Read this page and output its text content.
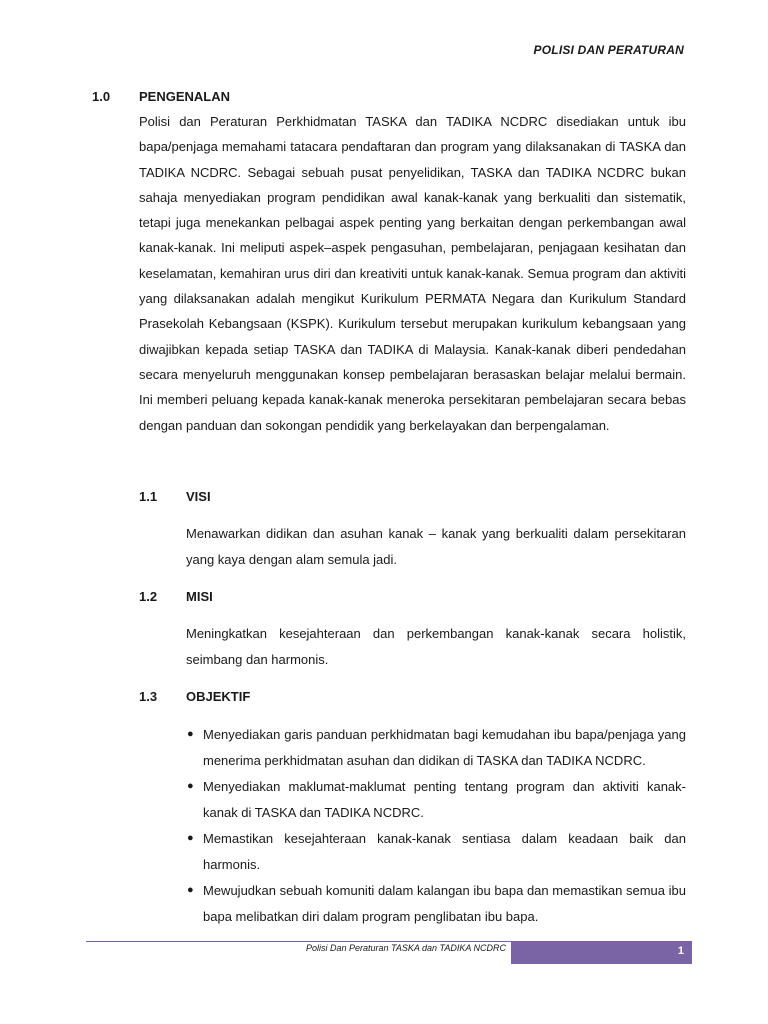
POLISI DAN PERATURAN
1.0 PENGENALAN

Polisi dan Peraturan Perkhidmatan TASKA dan TADIKA NCDRC disediakan untuk ibu bapa/penjaga memahami tatacara pendaftaran dan program yang dilaksanakan di TASKA dan TADIKA NCDRC. Sebagai sebuah pusat penyelidikan, TASKA dan TADIKA NCDRC bukan sahaja menyediakan program pendidikan awal kanak-kanak yang berkualiti dan sistematik, tetapi juga menekankan pelbagai aspek penting yang berkaitan dengan perkembangan awal kanak-kanak. Ini meliputi aspek–aspek pengasuhan, pembelajaran, penjagaan kesihatan dan keselamatan, kemahiran urus diri dan kreativiti untuk kanak-kanak. Semua program dan aktiviti yang dilaksanakan adalah mengikut Kurikulum PERMATA Negara dan Kurikulum Standard Prasekolah Kebangsaan (KSPK). Kurikulum tersebut merupakan kurikulum kebangsaan yang diwajibkan kepada setiap TASKA dan TADIKA di Malaysia. Kanak-kanak diberi pendedahan secara menyeluruh menggunakan konsep pembelajaran berasaskan belajar melalui bermain. Ini memberi peluang kepada kanak-kanak meneroka persekitaran pembelajaran secara bebas dengan panduan dan sokongan pendidik yang berkelayakan dan berpengalaman.

1.1 VISI

Menawarkan didikan dan asuhan kanak – kanak yang berkualiti dalam persekitaran yang kaya dengan alam semula jadi.

1.2 MISI

Meningkatkan kesejahteraan dan perkembangan kanak-kanak secara holistik, seimbang dan harmonis.

1.3 OBJEKTIF
● Menyediakan garis panduan perkhidmatan bagi kemudahan ibu bapa/penjaga yang menerima perkhidmatan asuhan dan didikan di TASKA dan TADIKA NCDRC.
● Menyediakan maklumat-maklumat penting tentang program dan aktiviti kanak-kanak di TASKA dan TADIKA NCDRC.
● Memastikan kesejahteraan kanak-kanak sentiasa dalam keadaan baik dan harmonis.
● Mewujudkan sebuah komuniti dalam kalangan ibu bapa dan memastikan semua ibu bapa melibatkan diri dalam program penglibatan ibu bapa.
Polisi Dan Peraturan TASKA dan TADIKA NCDRC	1
